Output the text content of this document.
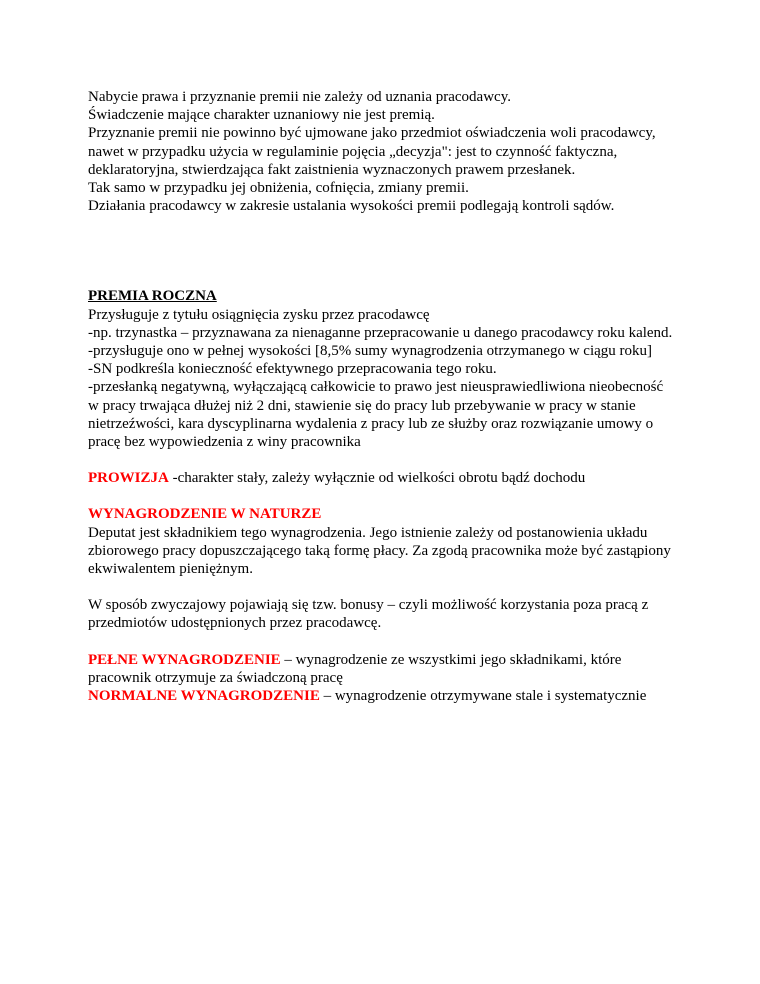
Nabycie prawa i przyznanie premii nie zależy od uznania pracodawcy.
Świadczenie mające charakter uznaniowy nie jest premią.
Przyznanie premii nie powinno być ujmowane jako przedmiot oświadczenia woli pracodawcy,
nawet w przypadku użycia w regulaminie pojęcia „decyzja": jest to czynność faktyczna,
deklaratoryjna, stwierdzająca fakt zaistnienia wyznaczonych prawem przesłanek.
Tak samo w przypadku jej obniżenia, cofnięcia, zmiany premii.
Działania pracodawcy w zakresie ustalania wysokości premii podlegają kontroli sądów.
PREMIA ROCZNA
Przysługuje z tytułu osiągnięcia zysku przez pracodawcę
-np. trzynastka – przyznawana za nienaganne przepracowanie u danego pracodawcy roku kalend.
-przysługuje ono w pełnej wysokości [8,5% sumy wynagrodzenia otrzymanego w ciągu roku]
-SN podkreśla konieczność efektywnego przepracowania tego roku.
-przesłanką negatywną, wyłączającą całkowicie to prawo jest nieusprawiedliwiona nieobecność
w pracy trwająca dłużej niż 2 dni, stawienie się do pracy lub przebywanie w pracy w stanie
nietrzeźwości, kara dyscyplinarna wydalenia z pracy lub ze służby oraz rozwiązanie umowy o
pracę bez wypowiedzenia z winy pracownika
PROWIZJA -charakter stały, zależy wyłącznie od wielkości obrotu bądź dochodu
WYNAGRODZENIE W NATURZE
Deputat jest składnikiem tego wynagrodzenia. Jego istnienie zależy od postanowienia układu
zbiorowego pracy dopuszczającego taką formę płacy. Za zgodą pracownika może być zastąpiony
ekwiwalentem pieniężnym.
W sposób zwyczajowy pojawiają się tzw. bonusy – czyli możliwość korzystania poza pracą z
przedmiotów udostępnionych przez pracodawcę.
PEŁNE WYNAGRODZENIE – wynagrodzenie ze wszystkimi jego składnikami, które
pracownik otrzymuje za świadczoną pracę
NORMALNE WYNAGRODZENIE – wynagrodzenie otrzymywane stale i systematycznie
